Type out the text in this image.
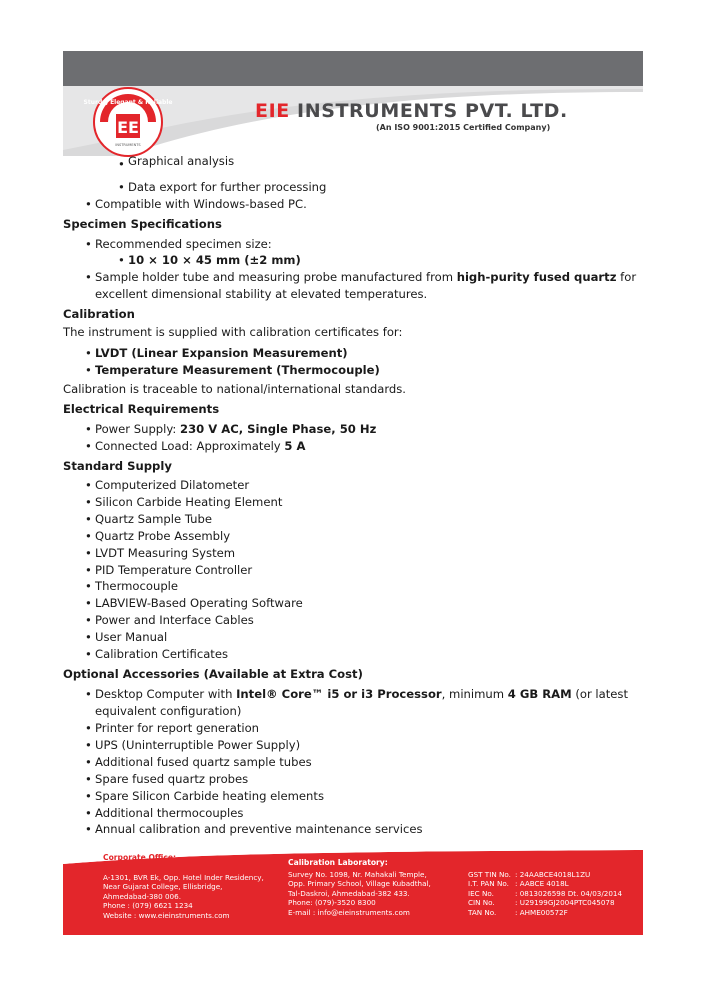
Sturdy, Elegant & Reliable
EE
INSTRUMENTS
EIE INSTRUMENTS PVT. LTD.
(An ISO 9001:2015 Certified Company)
• Graphical analysis
• Data export for further processing
• Compatible with Windows-based PC.
Specimen Specifications
• Recommended specimen size:
• 10 × 10 × 45 mm (±2 mm)
• Sample holder tube and measuring probe manufactured from high-purity fused quartz for
excellent dimensional stability at elevated temperatures.
Calibration
The instrument is supplied with calibration certificates for:
• LVDT (Linear Expansion Measurement)
• Temperature Measurement (Thermocouple)
Calibration is traceable to national/international standards.
Electrical Requirements
• Power Supply: 230 V AC, Single Phase, 50 Hz
• Connected Load: Approximately 5 A
Standard Supply
• Computerized Dilatometer
• Silicon Carbide Heating Element
• Quartz Sample Tube
• Quartz Probe Assembly
• LVDT Measuring System
• PID Temperature Controller
• Thermocouple
• LABVIEW-Based Operating Software
• Power and Interface Cables
• User Manual
• Calibration Certificates
Optional Accessories (Available at Extra Cost)
• Desktop Computer with Intel® Core™ i5 or i3 Processor, minimum 4 GB RAM (or latest
equivalent configuration)
• Printer for report generation
• UPS (Uninterruptible Power Supply)
• Additional fused quartz sample tubes
• Spare fused quartz probes
• Spare Silicon Carbide heating elements
• Additional thermocouples
• Annual calibration and preventive maintenance services
Corporate Office:
Calibration Laboratory:
A-1301, BVR Ek, Opp. Hotel Inder Residency,
Near Gujarat College, Ellisbridge,
Ahmedabad-380 006.
Phone : (079) 6621 1234
Website : www.eieinstruments.com
Survey No. 1098, Nr. Mahakali Temple,
Opp. Primary School, Village Kubadthal,
Tal-Daskroi, Ahmedabad-382 433.
Phone: (079)-3520 8300
E-mail : info@eieinstruments.com
GST TIN No.
I.T. PAN No.
IEC No.
CIN No.
TAN No.
: 24AABCE4018L1ZU
: AABCE 4018L
: 0813026598 Dt. 04/03/2014
: U29199GJ2004PTC045078
: AHME00572F
